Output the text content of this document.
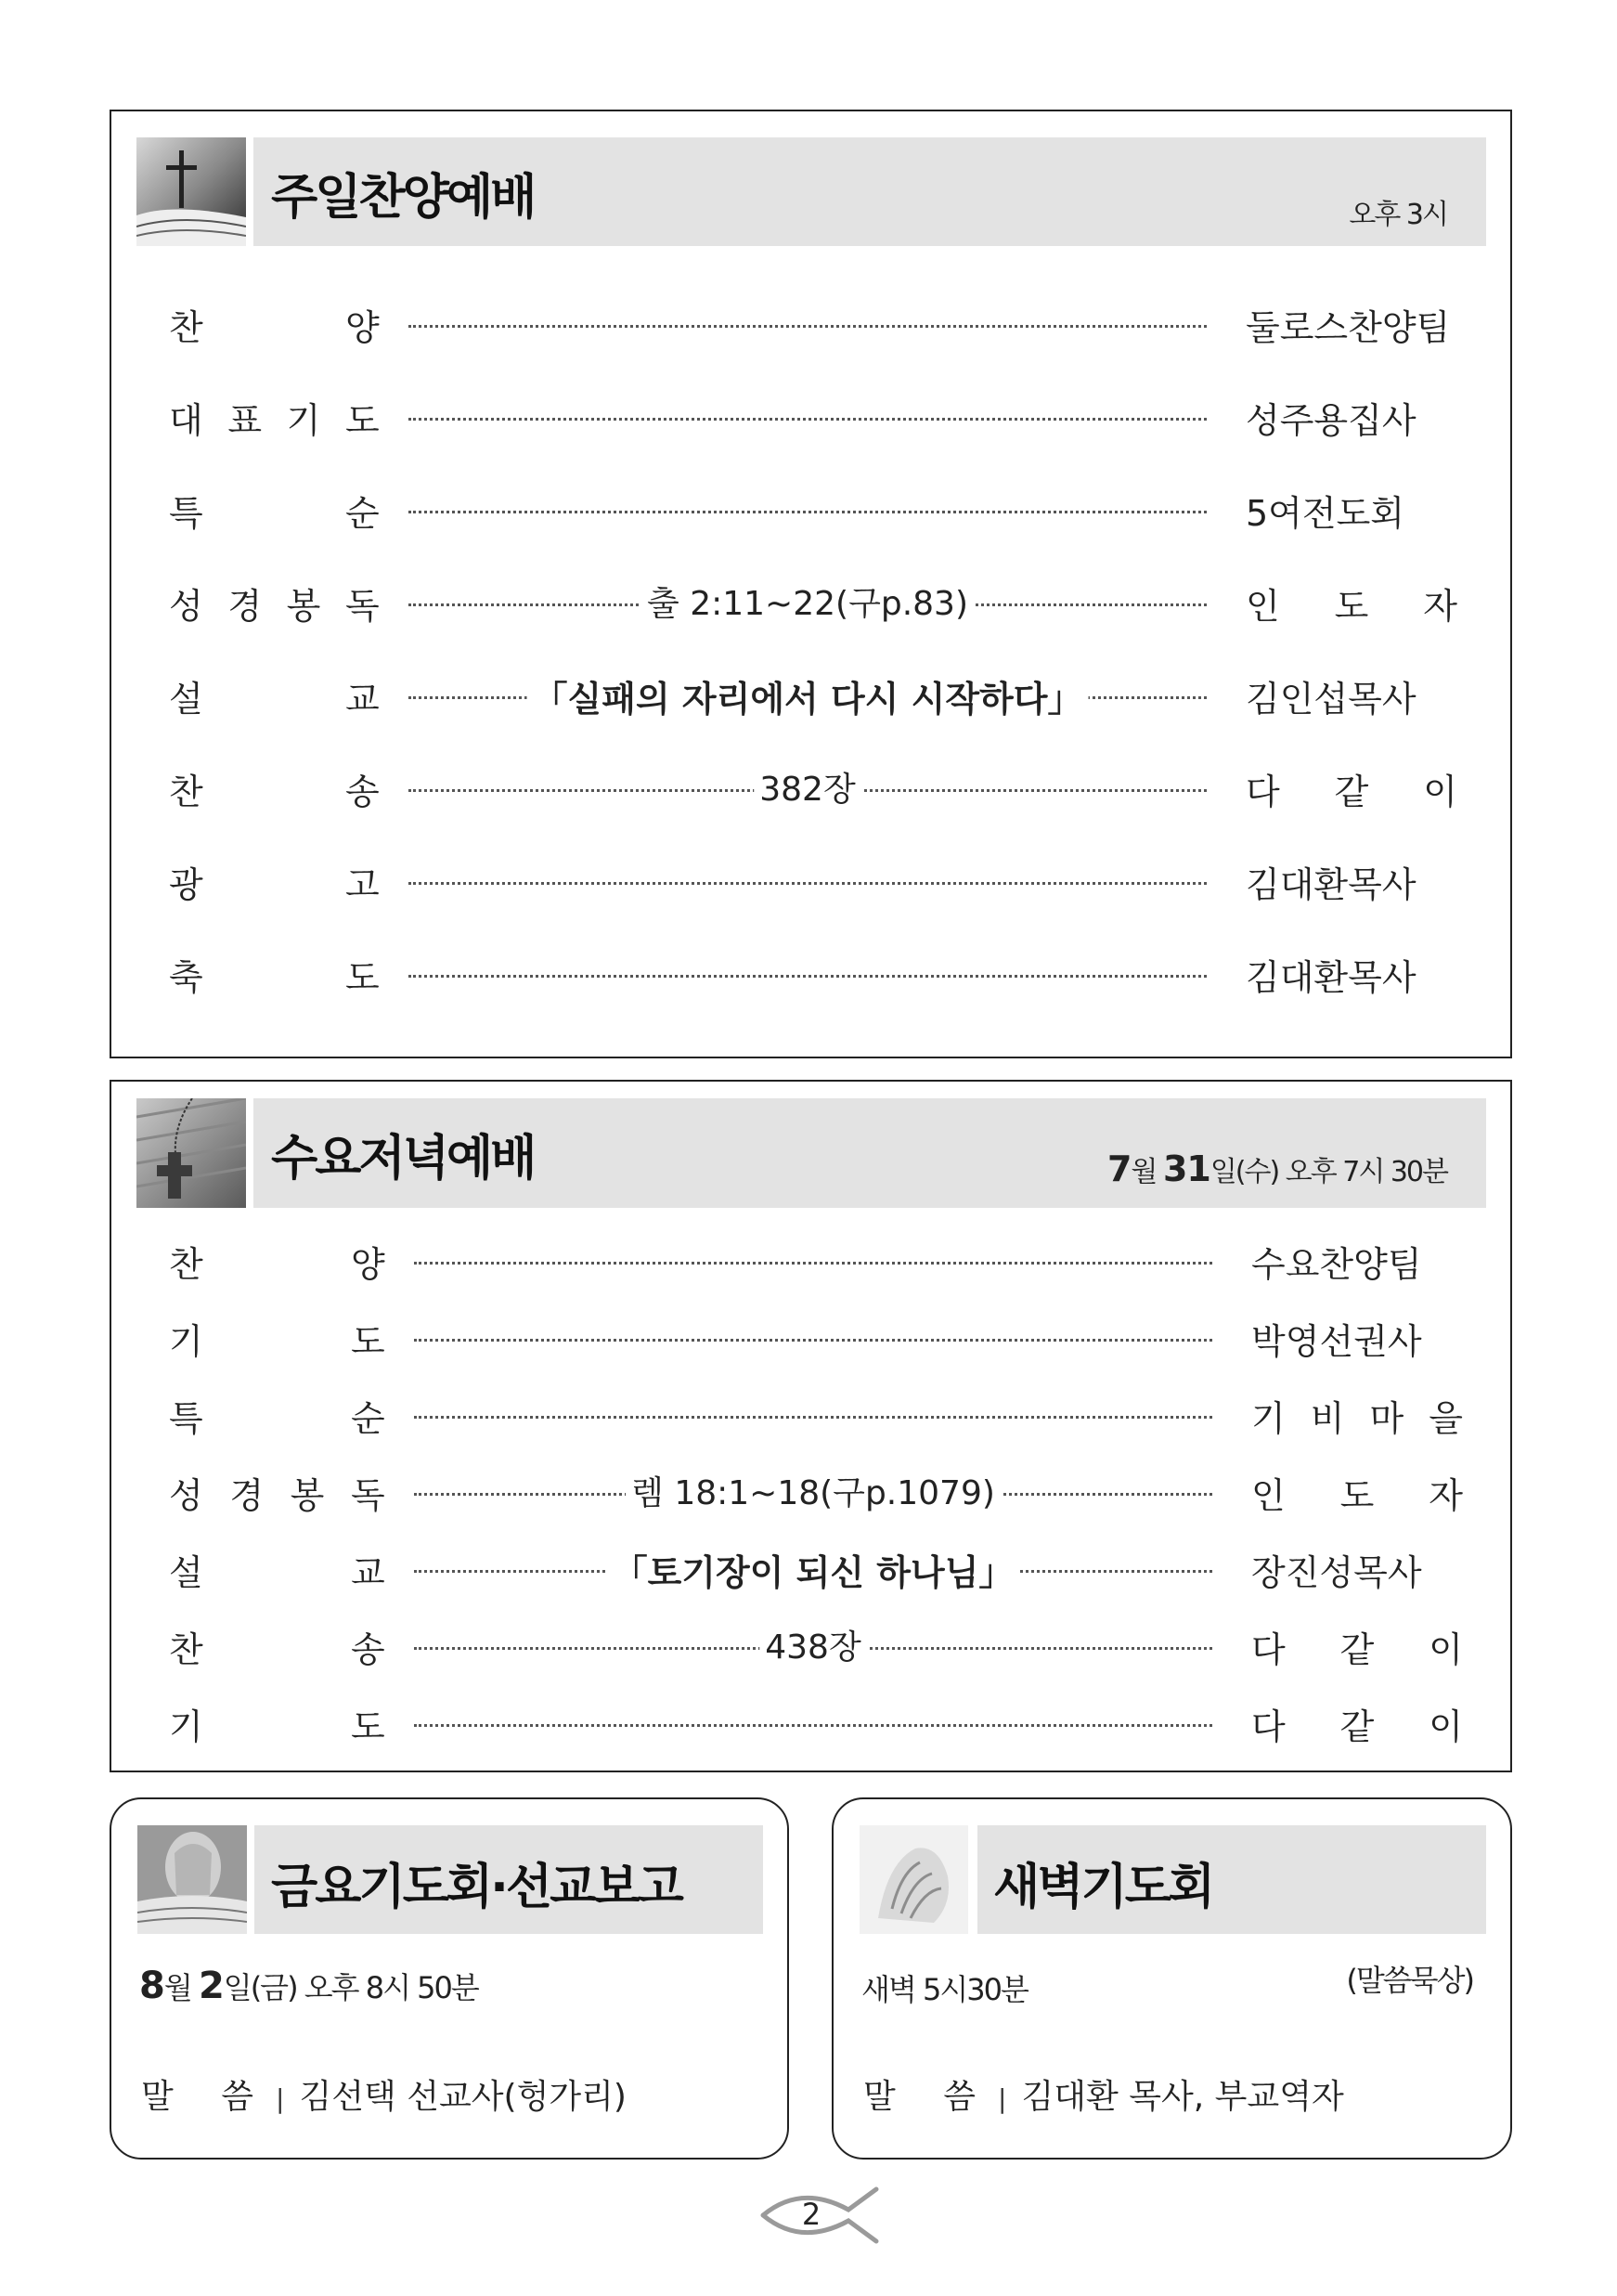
주일찬양예배	오후 3시
찬	양	둘로스찬양팀
대 표 기 도	성주용집사
특	순	5여전도회
성 경 봉 독	출 2:11~22(구p.83)	인 도 자
설	교	「실패의 자리에서 다시 시작하다」	김인섭목사
찬	송	382장	다 같 이
광	고	김대환목사
축	도	김대환목사
수요저녁예배	7월 31일(수) 오후 7시 30분
찬	양	수요찬양팀
기	도	박영선권사
특	순	기 비 마 을
성 경 봉 독	렘 18:1~18(구p.1079)	인 도 자
설	교	「토기장이 되신 하나님」	장진성목사
찬	송	438장	다 같 이
기	도	다 같 이
금요기도회·선교보고
8월 2일(금) 오후 8시 50분
말 씀 | 김선택 선교사(헝가리)
새벽기도회
새벽 5시30분	(말씀묵상)
말 씀 | 김대환 목사, 부교역자
2
